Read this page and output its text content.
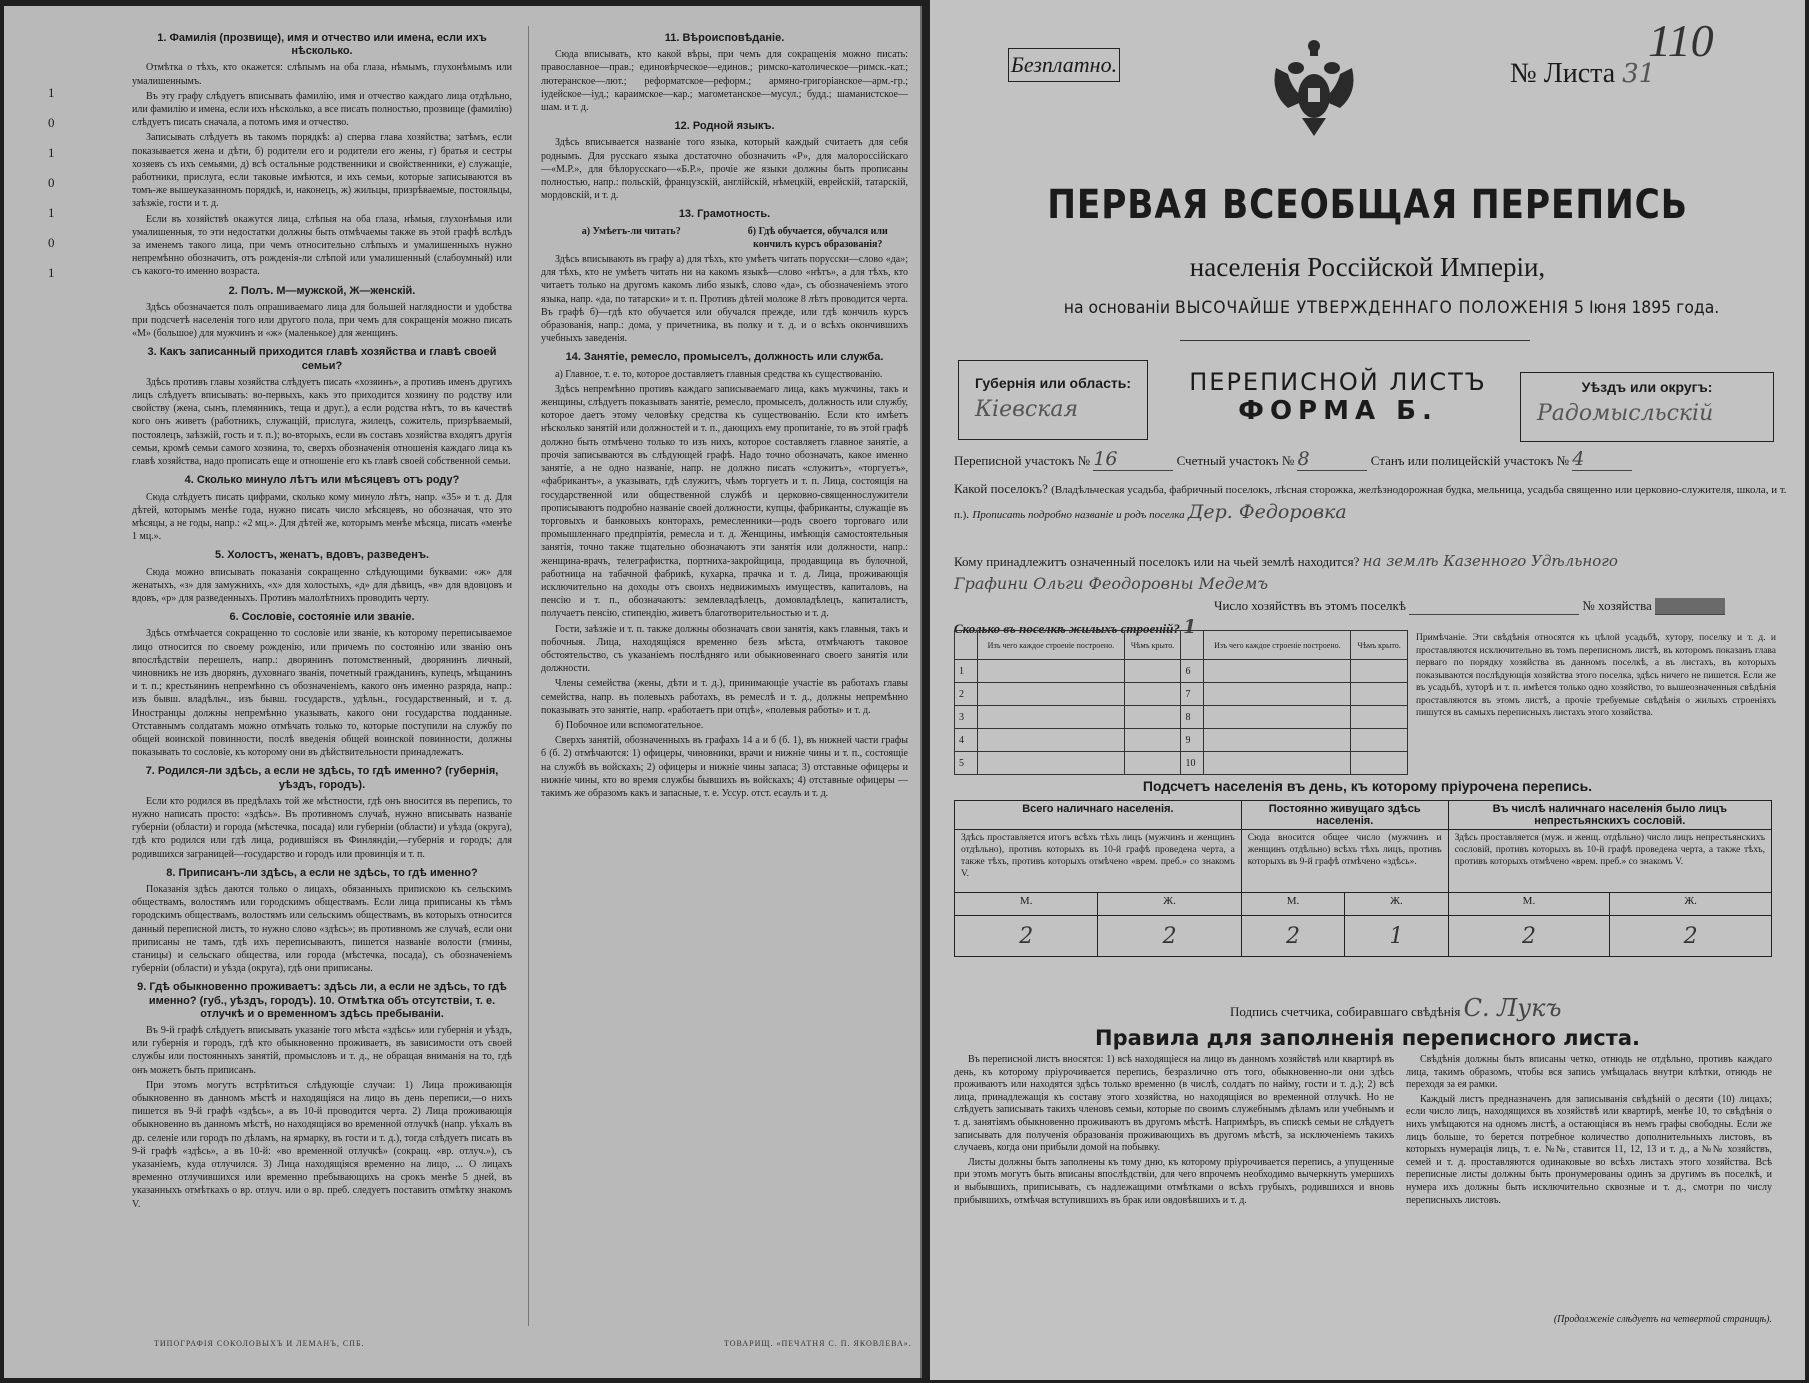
1
0
1
0
1
0
1
1. Фамилія (прозвище), имя и отчество или имена, если ихъ нѣсколько.

Отмѣтка о тѣхъ, кто окажется: слѣпымъ на оба глаза, нѣмымъ, глухонѣмымъ или умалишеннымъ.

Въ эту графу слѣдуетъ вписывать фамилію, имя и отчество каждаго лица отдѣльно, или фамилію и имена, если ихъ нѣсколько, а все писать полностью, прозвище (фамилію) слѣдуетъ писать сначала, а потомъ имя и отчество.

Записывать слѣдуетъ въ такомъ порядкѣ: а) сперва глава хозяйства; затѣмъ, если показывается жена и дѣти, б) родители его и родители его жены, г) братья и сестры хозяевъ съ ихъ семьями, д) всѣ остальные родственники и свойственники, е) служащіе, работники, прислуга, если таковые имѣются, и ихъ семьи, которые записываются въ томъ-же вышеуказанномъ порядкѣ, и, наконецъ, ж) жильцы, призрѣваемые, постояльцы, заѣзжіе, гости и т. д.

Если въ хозяйствѣ окажутся лица, слѣпыя на оба глаза, нѣмыя, глухонѣмыя или умалишенныя, то эти недостатки должны быть отмѣчаемы также въ этой графѣ вслѣдъ за именемъ такого лица, при чемъ относительно слѣпыхъ и умалишенныхъ нужно непремѣнно обозначить, отъ рожденія-ли слѣпой или умалишенный (слабоумный) или съ какого-то именно возраста.

2. Полъ. М—мужской, Ж—женскій.

Здѣсь обозначается полъ опрашиваемаго лица для большей наглядности и удобства при подсчетѣ населенія того или другого пола, при чемъ для сокращенія можно писать «М» (большое) для мужчинъ и «ж» (маленькое) для женщинъ.

3. Какъ записанный приходится главѣ хозяйства и главѣ своей семьи?

Здѣсь противъ главы хозяйства слѣдуетъ писать «хозяинъ», а противъ именъ другихъ лицъ слѣдуетъ вписывать: во-первыхъ, какъ это приходится хозяину по родству или свойству (жена, сынъ, племянникъ, теща и друг.), а если родства нѣтъ, то въ качествѣ кого онъ живетъ (работникъ, служащій, прислуга, жилецъ, сожитель, призрѣваемый, постоялецъ, заѣзжій, гость и т. п.); во-вторыхъ, если въ составъ хозяйства входятъ другія семьи, кромѣ семьи самого хозяина, то, сверхъ обозначенія отношенія каждаго лица къ главѣ хозяйства, надо прописать еще и отношеніе его къ главѣ своей собственной семьи.

4. Сколько минуло лѣтъ или мѣсяцевъ отъ роду?

Сюда слѣдуетъ писать цифрами, сколько кому минуло лѣтъ, напр. «35» и т. д. Для дѣтей, которымъ менѣе года, нужно писать число мѣсяцевъ, но обозначая, что это мѣсяцы, а не годы, напр.: «2 мц.». Для дѣтей же, которымъ менѣе мѣсяца, писать «менѣе 1 мц.».

5. Холостъ, женатъ, вдовъ, разведенъ.

Сюда можно вписывать показанія сокращенно слѣдующими буквами: «ж» для женатыхъ, «з» для замужнихъ, «х» для холостыхъ, «д» для дѣвицъ, «в» для вдовцовъ и вдовъ, «р» для разведенныхъ. Противъ малолѣтнихъ проводить черту.

6. Сословіе, состояніе или званіе.

Здѣсь отмѣчается сокращенно то сословіе или званіе, къ которому переписываемое лицо относится по своему рожденію, или причемъ по состоянію или званію онъ впослѣдствіи перешелъ, напр.: дворянинъ потомственный, дворянинъ личный, чиновникъ не изъ дворянъ, духовнаго званія, почетный гражданинъ, купецъ, мѣщанинъ и т. п.; крестьянинъ непремѣнно съ обозначеніемъ, какого онъ именно разряда, напр.: изъ бывш. владѣльч., изъ бывш. государств., удѣльн., государственный, и т. д. Иностранцы должны непремѣнно указывать, какого они государства подданные. Отставнымъ солдатамъ можно отмѣчать только то, которые поступили на службу по общей воинской повинности, послѣ введенія общей воинской повинности, должны показывать то сословіе, къ которому они въ дѣйствительности принадлежатъ.

7. Родился-ли здѣсь, а если не здѣсь, то гдѣ именно? (губернія, уѣздъ, городъ).

Если кто родился въ предѣлахъ той же мѣстности, гдѣ онъ вносится въ перепись, то нужно написать просто: «здѣсь». Въ противномъ случаѣ, нужно вписывать названіе губерніи (области) и города (мѣстечка, посада) или губерніи (области) и уѣзда (округа), гдѣ кто родился или гдѣ лица, родившіяся въ Финляндіи,—губернія и городъ; для родившихся заграницей—государство и городъ или провинція и т. п.

8. Приписанъ-ли здѣсь, а если не здѣсь, то гдѣ именно?

Показанія здѣсь даются только о лицахъ, обязанныхъ припискою къ сельскимъ обществамъ, волостямъ или городскимъ обществамъ. Если лица приписаны къ тѣмъ городскимъ обществамъ, волостямъ или сельскимъ обществамъ, въ которыхъ относится данный переписной листъ, то нужно слово «здѣсь»; въ противномъ же случаѣ, если они приписаны не тамъ, гдѣ ихъ переписываютъ, пишется названіе волости (гмины, станицы) и сельскаго общества, или города (мѣстечка, посада), съ обозначеніемъ губерніи (области) и уѣзда (округа), гдѣ они приписаны.

9. Гдѣ обыкновенно проживаетъ: здѣсь ли, а если не здѣсь, то гдѣ именно? (губ., уѣздъ, городъ). 10. Отмѣтка объ отсутствіи, т. е. отлучкѣ и о временномъ здѣсь пребываніи.

Въ 9-й графѣ слѣдуетъ вписывать указаніе того мѣста «здѣсь» или губернія и уѣздъ, или губернія и городъ, гдѣ кто обыкновенно проживаетъ, въ зависимости отъ своей службы или постоянныхъ занятій, промысловъ и т. д., не обращая вниманія на то, гдѣ онъ можетъ быть приписанъ.

При этомъ могутъ встрѣтиться слѣдующіе случаи: 1) Лица проживающія обыкновенно въ данномъ мѣстѣ и находящіяся на лицо въ день переписи,—о нихъ пишется въ 9-й графѣ «здѣсь», а въ 10-й проводится черта. 2) Лица проживающія обыкновенно въ данномъ мѣстѣ, но находящіяся во временной отлучкѣ (напр. уѣхалъ въ др. селеніе или городъ по дѣламъ, на ярмарку, въ гости и т. д.), тогда слѣдуетъ писать въ 9-й графѣ «здѣсь», а въ 10-й: «во временной отлучкѣ» (сокращ. «вр. отлуч.»), съ указаніемъ, куда отлучился. 3) Лица находящіяся временно на лицо, ... О лицахъ временно отлучившихся или временно пребывающихъ на срокъ менѣе 5 дней, въ указанныхъ отмѣткахъ о вр. отлуч. или о вр. преб. следуетъ поставить отмѣтку знакомъ V.

11. Вѣроисповѣданіе.

Сюда вписывать, кто какой вѣры, при чемъ для сокращенія можно писать: православное—прав.; единовѣрческое—единов.; римско-католическое—римск.-кат.; лютеранское—лют.; реформатское—реформ.; армяно-григоріанское—арм.-гр.; іудейское—іуд.; караимское—кар.; магометанское—мусул.; будд.; шаманистское—шам. и т. д.

12. Родной языкъ.

Здѣсь вписывается названіе того языка, который каждый считаетъ для себя роднымъ. Для русскаго языка достаточно обозначить «Р», для малороссійскаго—«М.Р.», для бѣлорусскаго—«Б.Р.», прочіе же языки должны быть прописаны полностью, напр.: польскій, французскій, англійскій, нѣмецкій, еврейскій, татарскій, мордовскій, и т. д.

13. Грамотность.
а) Умѣетъ-ли читать?	б) Гдѣ обучается, обучался или кончилъ курсъ образованія?

Здѣсь вписывають въ графу а) для тѣхъ, кто умѣетъ читать порусски—слово «да»; для тѣхъ, кто не умѣетъ читать ни на какомъ языкѣ—слово «нѣтъ», а для тѣхъ, кто читаетъ только на другомъ какомъ либо языкѣ, слово «да», съ обозначеніемъ этого языка, напр. «да, по татарски» и т. п. Противъ дѣтей моложе 8 лѣтъ проводится черта. Въ графѣ б)—гдѣ кто обучается или обучался прежде, или гдѣ кончилъ курсъ образованія, напр.: дома, у причетника, въ полку и т. д. и о всѣхъ окончившихъ учебныхъ заведенія.

14. Занятіе, ремесло, промыселъ, должность или служба.

а) Главное, т. е. то, которое доставляетъ главныя средства къ существованію.

Здѣсь непремѣнно противъ каждаго записываемаго лица, какъ мужчины, такъ и женщины, слѣдуетъ показывать занятіе, ремесло, промыселъ, должность или службу, которое даетъ этому человѣку средства къ существованію. Если кто имѣетъ нѣсколько занятій или должностей и т. п., дающихъ ему пропитаніе, то въ этой графѣ должно быть отмѣчено только то изъ нихъ, которое составляетъ главное занятіе, а прочія записываются въ слѣдующей графѣ. Надо точно обозначать, какое именно занятіе, а не одно названіе, напр. не должно писать «служитъ», «торгуетъ», «фабрикантъ», а указывать, гдѣ служитъ, чѣмъ торгуетъ и т. п. Лица, состоящія на государственной или общественной службѣ и церковно-священнослужители прописываютъ подробно названіе своей должности, купцы, фабриканты, служащіе въ торговыхъ и банковыхъ конторахъ, ремесленники—родъ своего торговаго или промышленнаго предпріятія, ремесла и т. д. Женщины, имѣющія самостоятельныя занятія, точно также тщательно обозначаютъ эти занятія или должности, напр.: женщина-врачъ, телеграфистка, портниха-закройщица, продавщица въ булочной, работница на табачной фабрикѣ, кухарка, прачка и т. д. Лица, проживающія исключительно на доходы отъ своихъ недвижимыхъ имуществъ, капиталовъ, на пенсію и т. п., обозначаютъ: землевладѣлецъ, домовладѣлецъ, капиталистъ, получаетъ пенсію, стипендію, живетъ благотворительностью и т. д.

Гости, заѣзжіе и т. п. также должны обозначать свои занятія, какъ главныя, такъ и побочныя. Лица, находящіяся временно безъ мѣста, отмѣчаютъ таковое обстоятельство, съ указаніемъ послѣдняго или обыкновеннаго своего занятія или должности.

Члены семейства (жены, дѣти и т. д.), принимающіе участіе въ работахъ главы семейства, напр. въ полевыхъ работахъ, въ ремеслѣ и т. д., должны непремѣнно показывать это занятіе, напр. «работаетъ при отцѣ», «полевыя работы» и т. д.

б) Побочное или вспомогательное.

Сверхъ занятій, обозначенныхъ въ графахъ 14 а и б (б. 1), въ нижней части графы б (б. 2) отмѣчаются: 1) офицеры, чиновники, врачи и нижніе чины и т. п., состоящіе на службѣ въ войскахъ; 2) офицеры и нижніе чины запаса; 3) отставные офицеры и нижніе чины, кто во время службы бывшихъ въ войскахъ; 4) отставные офицеры — такимъ же образомъ какъ и запасные, т. е. Уссур. отст. есаулъ и т. д.

ТИПОГРАФІЯ СОКОЛОВЫХЪ И ЛЕМАНЪ, СПБ.	ТОВАРИЩ. «ПЕЧАТНЯ С. П. ЯКОВЛЕВА».
110
Безплатно.	№ Листа 31
ПЕРВАЯ ВСЕОБЩАЯ ПЕРЕПИСЬ
населенія Россійской Имперіи,
на основаніи ВЫСОЧАЙШЕ УТВЕРЖДЕННАГО ПОЛОЖЕНІЯ 5 Іюня 1895 года.
Губернія или область:
Кіевская
ПЕРЕПИСНОЙ ЛИСТЪ
ФОРМА Б.
Уѣздъ или округъ:
Радомысльскій
Переписной участокъ № 16	Счетный участокъ № 8	Станъ или полицейскій участокъ № 4
Какой поселокъ? (Владѣльческая усадьба, фабричный поселокъ, лѣсная сторожка, желѣзнодорожная будка, мельница, усадьба священно или церковно-служителя, школа, и т. п.). Прописать подробно названіе и родъ поселка Дер. Федоровка
Кому принадлежитъ означенный поселокъ или на чьей землѣ находится? на землѣ Казенного Удѣльного
Графини Ольги Феодоровны Медемъ
Число хозяйствъ въ этомъ поселкѣ	№ хозяйства
Сколько въ поселкѣ жилыхъ строеній? 1
	Изъ чего каждое строеніе построено.	Чѣмъ крыто.		Изъ чего каждое строеніе построено.	Чѣмъ крыто.
1			6		
2			7		
3			8		
4			9		
5			10		
Примѣчаніе. Эти свѣдѣнія относятся къ цѣлой усадьбѣ, хутору, поселку и т. д. и проставляются исключительно въ томъ переписномъ листѣ, въ которомъ показанъ глава перваго по порядку хозяйства въ данномъ поселкѣ, а въ листахъ, въ которыхъ показываются послѣдующія хозяйства этого поселка, здѣсь ничего не пишется. Если же въ усадьбѣ, хуторѣ и т. п. имѣется только одно хозяйство, то вышеозначенныя свѣдѣнія проставляются въ этомъ листѣ, а прочіе требуемые свѣдѣнія о жилыхъ строеніяхъ пишутся въ самыхъ переписныхъ листахъ этого хозяйства.
Подсчетъ населенія въ день, къ которому пріурочена перепись.
Всего наличнаго населенія.		Постоянно живущаго здѣсь населенія.		Въ числѣ наличнаго населенія было лицъ непрестьянскихъ сословій.	
Здѣсь проставляется итогъ всѣхъ тѣхъ лицъ (мужчинъ и женщинъ отдѣльно), противъ которыхъ въ 10-й графѣ проведена черта, а также тѣхъ, противъ которыхъ отмѣчено «врем. преб.» со знакомъ V.		Сюда вносится общее число (мужчинъ и женщинъ отдѣльно) всѣхъ тѣхъ лицъ, противъ которыхъ въ 9-й графѣ отмѣчено «здѣсь».		Здѣсь проставляется (муж. и женщ. отдѣльно) число лицъ непрестьянскихъ сословій, противъ которыхъ въ 10-й графѣ проведена черта, а также тѣхъ, противъ которыхъ отмѣчено «врем. преб.» со знакомъ V.	
М.	Ж.	М.	Ж.	М.	Ж.
2	2	2	1	2	2
Подпись счетчика, собиравшаго свѣдѣнія С. Лукъ
Правила для заполненія переписного листа.

Въ переписной листъ вносятся: 1) всѣ находящіеся на лицо въ данномъ хозяйствѣ или квартирѣ въ день, къ которому пріурочивается перепись, безразлично отъ того, обыкновенно-ли они здѣсь проживаютъ или находятся здѣсь только временно (в числѣ, солдатъ по найму, гости и т. д.); 2) всѣ лица, принадлежащія къ составу этого хозяйства, но находящіяся во временной отлучкѣ. Но не слѣдуетъ записывать такихъ членовъ семьи, которые по своимъ служебнымъ дѣламъ или учебнымъ и т. д. занятіямъ обыкновенно проживаютъ въ другомъ мѣстѣ. Напримѣръ, въ спискѣ семьи не слѣдуетъ записывать для полученія образованія проживающихъ въ другомъ мѣстѣ, за исключеніемъ такихъ случаевъ, когда они прибыли домой на побывку.

Листы должны быть заполнены къ тому дню, къ которому пріурочивается перепись, а упущенные при этомъ могутъ быть вписаны впослѣдствіи, для чего впрочемъ необходимо вычеркнуть умершихъ и выбывшихъ, приписывать, съ надлежащими отмѣтками о всѣхъ грубыхъ, родившихся и вновь прибывшихъ, отмѣчая вступившихъ въ брак или овдовѣвшихъ и т. д.

Свѣдѣнія должны быть вписаны четко, отнюдь не отдѣльно, противъ каждаго лица, такимъ образомъ, чтобы вся запись умѣщалась внутри клѣтки, отнюдь не переходя за ея рамки.

Каждый листъ предназначенъ для записыванія свѣдѣній о десяти (10) лицахъ; если число лицъ, находящихся въ хозяйствѣ или квартирѣ, менѣе 10, то свѣдѣнія о нихъ умѣщаются на одномъ листѣ, а остающіяся въ немъ графы свободны. Если же лицъ больше, то берется потребное количество дополнительныхъ листовъ, въ которыхъ нумерація лицъ, т. е. №№, ставится 11, 12, 13 и т. д., а №№ хозяйствъ, семей и т. д. проставляются одинаковые во всѣхъ листахъ этого хозяйства. Всѣ переписные листы должны быть пронумерованы одинъ за другимъ въ поселкѣ, и нумера ихъ должны быть исключительно сквозные и т. д., смотри по числу переписныхъ листовъ.

(Продолженіе слѣдуетъ на четвертой страницѣ).
